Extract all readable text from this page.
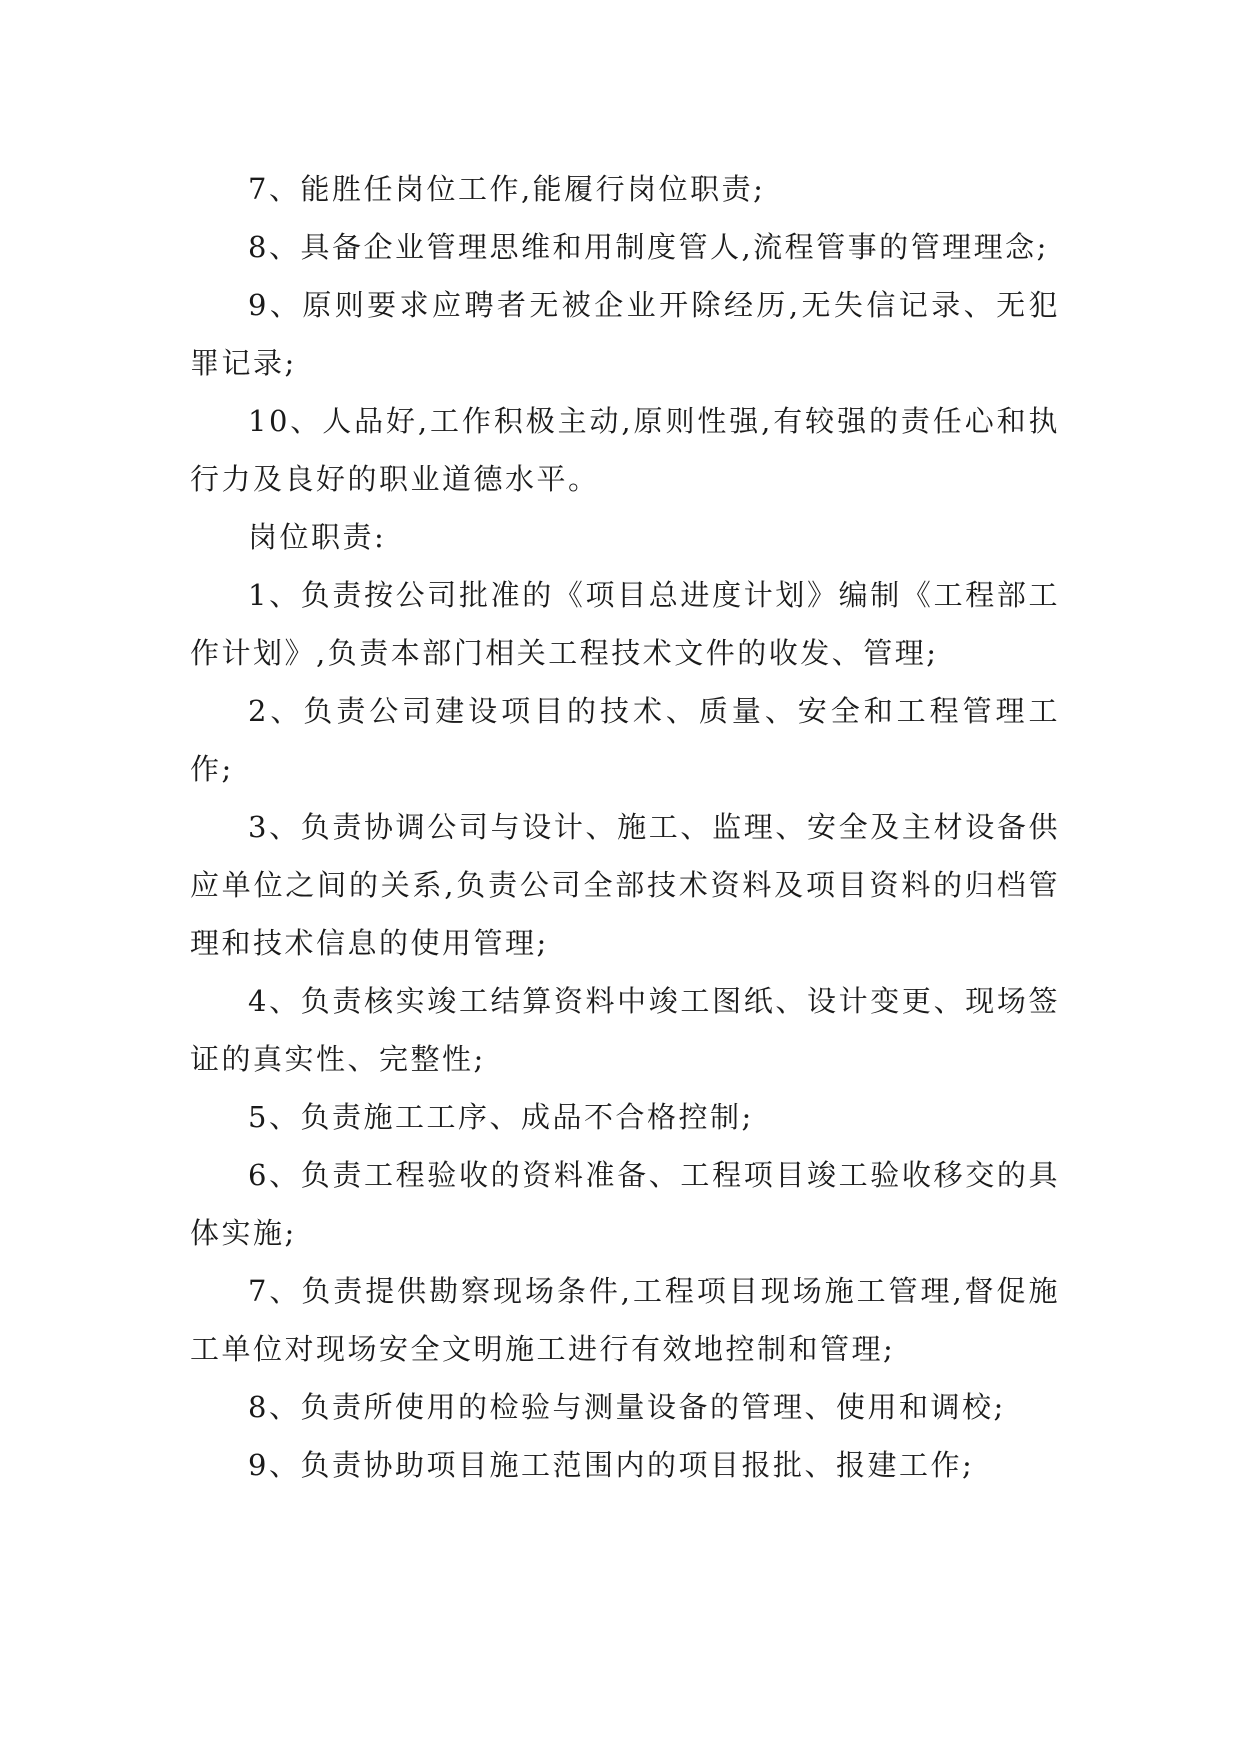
7、能胜任岗位工作,能履行岗位职责;

8、具备企业管理思维和用制度管人,流程管事的管理理念;

9、原则要求应聘者无被企业开除经历,无失信记录、无犯罪记录;

10、人品好,工作积极主动,原则性强,有较强的责任心和执行力及良好的职业道德水平。

岗位职责:

1、负责按公司批准的《项目总进度计划》编制《工程部工作计划》,负责本部门相关工程技术文件的收发、管理;

2、负责公司建设项目的技术、质量、安全和工程管理工作;

3、负责协调公司与设计、施工、监理、安全及主材设备供应单位之间的关系,负责公司全部技术资料及项目资料的归档管理和技术信息的使用管理;

4、负责核实竣工结算资料中竣工图纸、设计变更、现场签证的真实性、完整性;

5、负责施工工序、成品不合格控制;

6、负责工程验收的资料准备、工程项目竣工验收移交的具体实施;

7、负责提供勘察现场条件,工程项目现场施工管理,督促施工单位对现场安全文明施工进行有效地控制和管理;

8、负责所使用的检验与测量设备的管理、使用和调校;

9、负责协助项目施工范围内的项目报批、报建工作;
